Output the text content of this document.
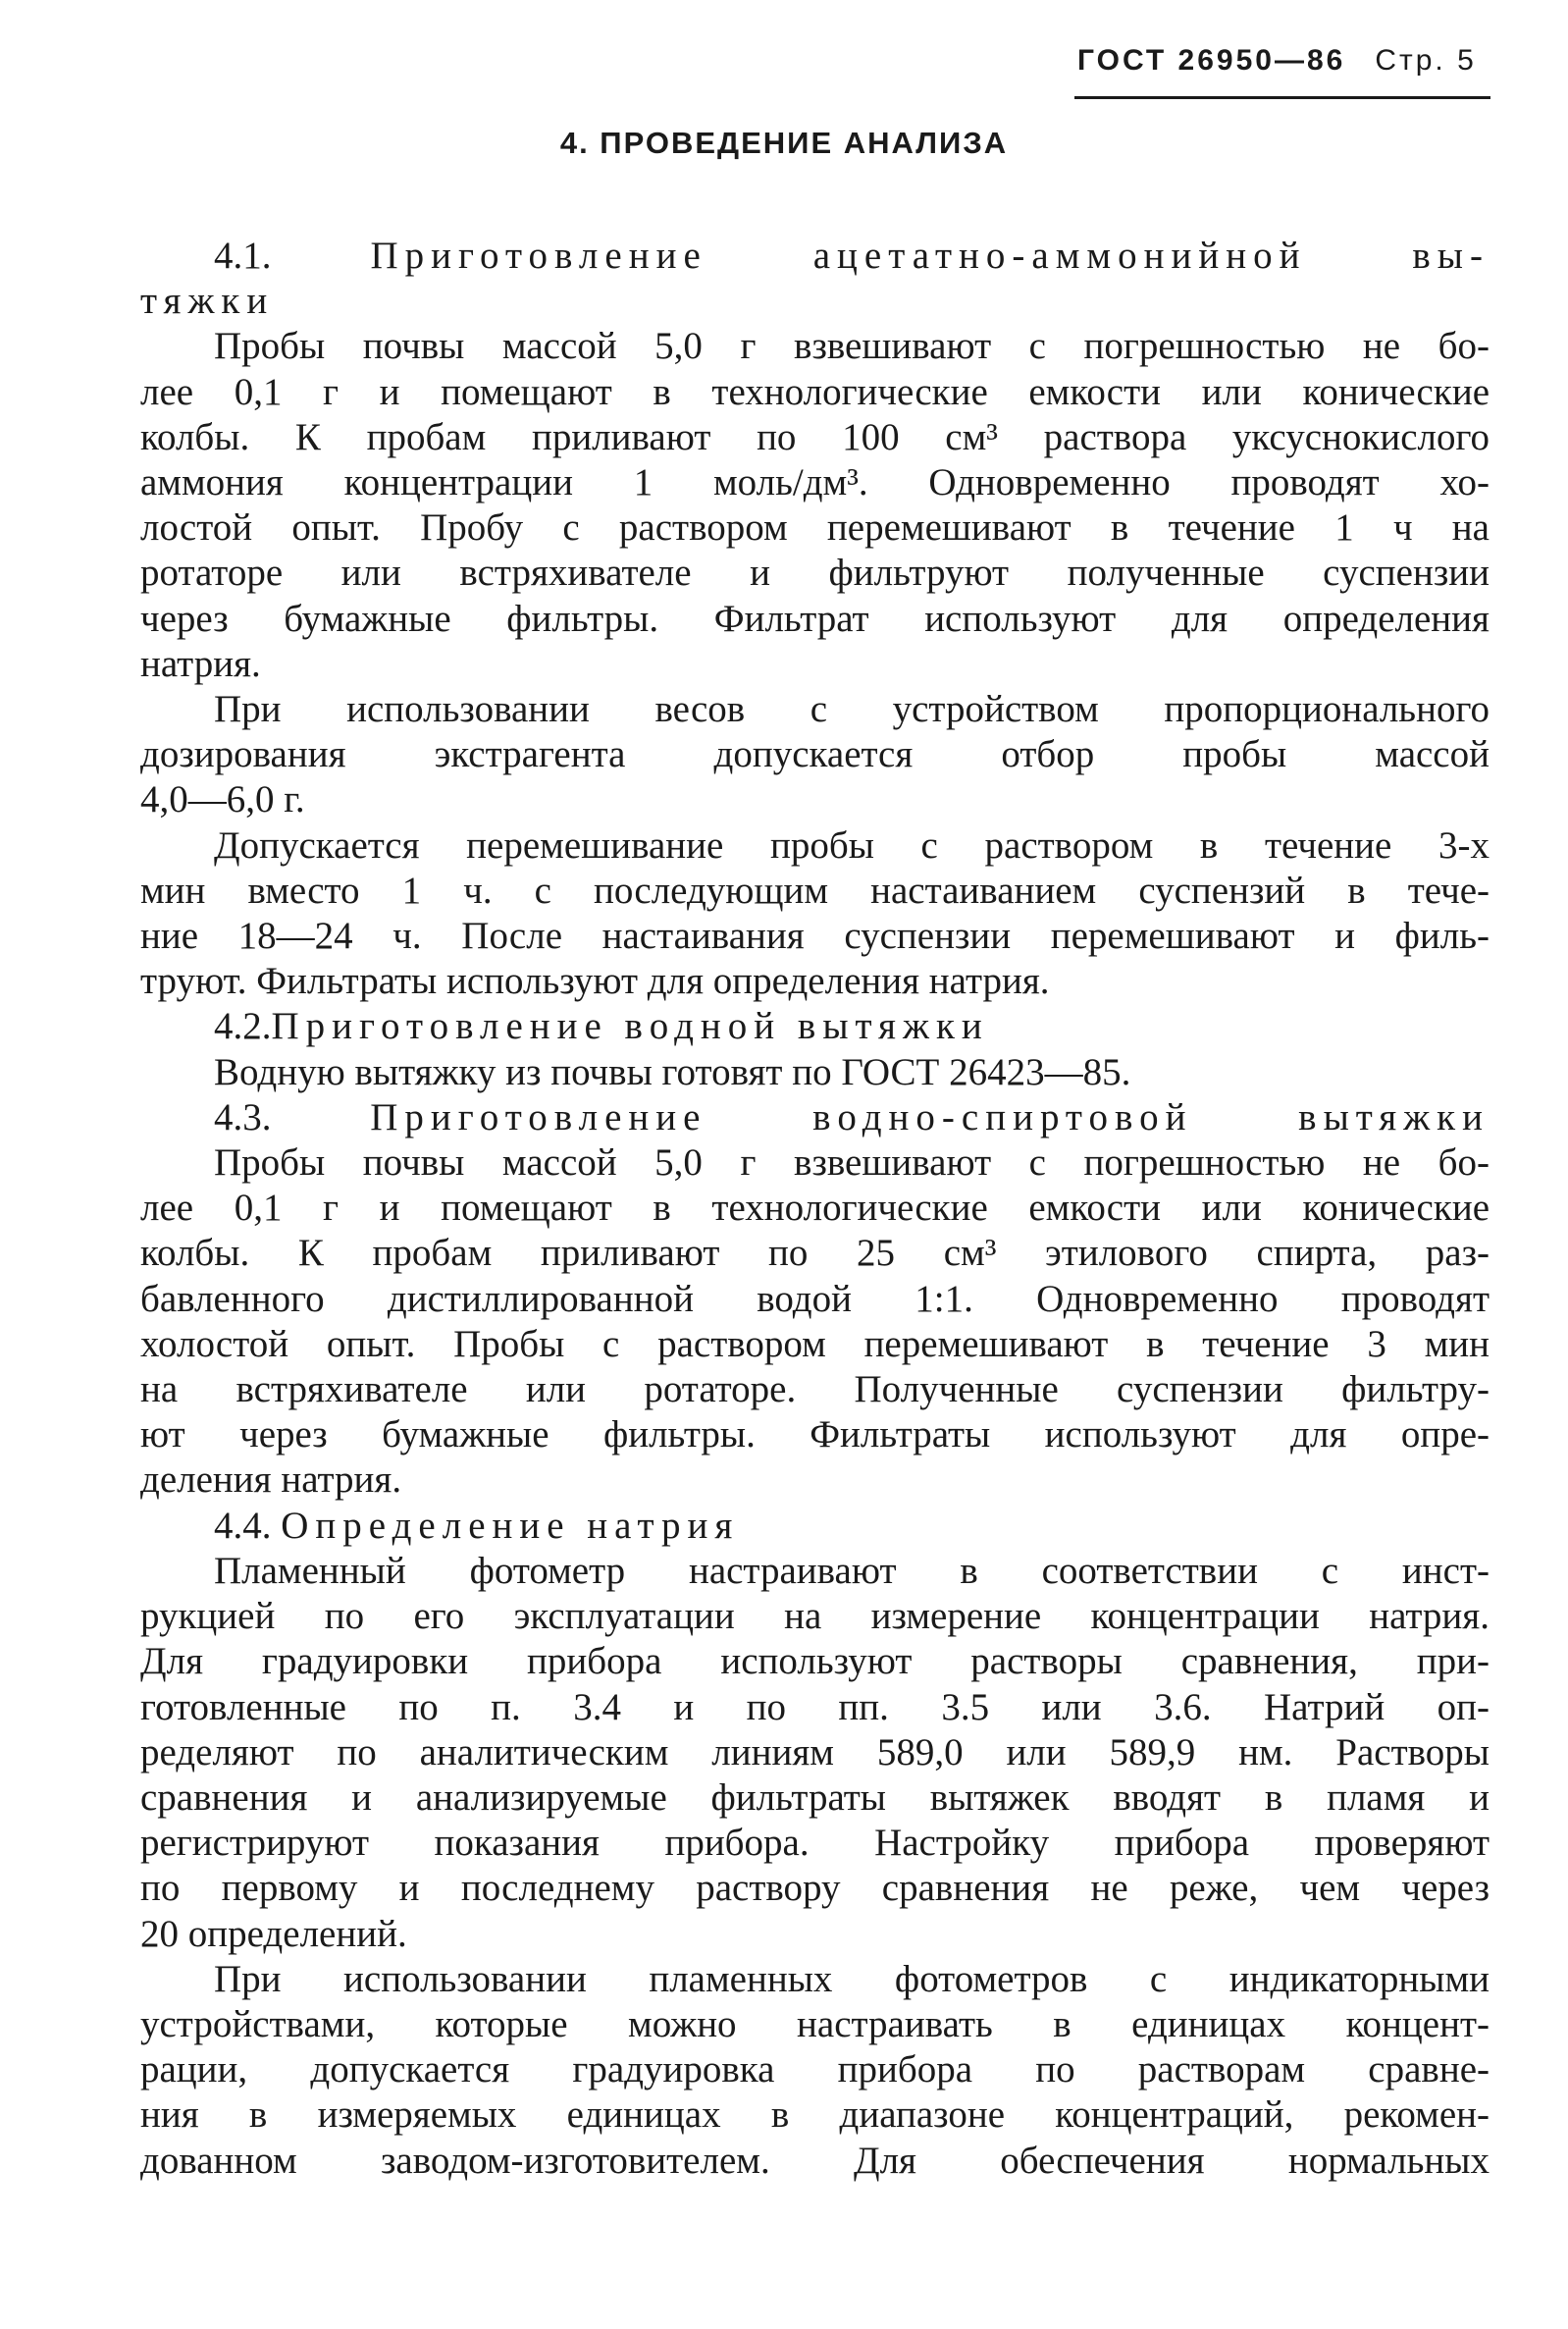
ГОСТ 26950—86 Стр. 5
4. ПРОВЕДЕНИЕ АНАЛИЗА

4.1.	Приготовление ацетатно-аммонийной вы-

тяжки

Пробы почвы массой 5,0 г взвешивают с погрешностью не бо-

лее 0,1 г и помещают в технологические емкости или конические

колбы. К пробам приливают по 100 см³ раствора уксуснокислого

аммония концентрации 1 моль/дм³. Одновременно проводят хо-

лостой опыт. Пробу с раствором перемешивают в течение 1 ч на

ротаторе или встряхивателе и фильтруют полученные суспензии

через бумажные фильтры. Фильтрат используют для определения

натрия.

При использовании весов с устройством пропорционального

дозирования экстрагента допускается отбор пробы массой

4,0—6,0 г.

Допускается перемешивание пробы с раствором в течение 3-х

мин вместо 1 ч. с последующим настаиванием суспензий в тече-

ние 18—24 ч. После настаивания суспензии перемешивают и филь-

труют. Фильтраты используют для определения натрия.

4.2.Приготовление водной вытяжки

Водную вытяжку из почвы готовят по ГОСТ 26423—85.

4.3.	Приготовление водно-спиртовой вытяжки

Пробы почвы массой 5,0 г взвешивают с погрешностью не бо-

лее 0,1 г и помещают в технологические емкости или конические

колбы. К пробам приливают по 25 см³ этилового спирта, раз-

бавленного дистиллированной водой 1:1. Одновременно проводят

холостой опыт. Пробы с раствором перемешивают в течение 3 мин

на встряхивателе или ротаторе. Полученные суспензии фильтру-

ют через бумажные фильтры. Фильтраты используют для опре-

деления натрия.

4.4. Определение натрия

Пламенный фотометр настраивают в соответствии с инст-

рукцией по его эксплуатации на измерение концентрации натрия.

Для градуировки прибора используют растворы сравнения, при-

готовленные по п. 3.4 и по пп. 3.5 или 3.6. Натрий оп-

ределяют по аналитическим линиям 589,0 или 589,9 нм. Растворы

сравнения и анализируемые фильтраты вытяжек вводят в пламя и

регистрируют показания прибора. Настройку прибора проверяют

по первому и последнему раствору сравнения не реже, чем через

20 определений.

При использовании пламенных фотометров с индикаторными

устройствами, которые можно настраивать в единицах концент-

рации, допускается градуировка прибора по растворам сравне-

ния в измеряемых единицах в диапазоне концентраций, рекомен-

дованном заводом-изготовителем. Для обеспечения нормальных
